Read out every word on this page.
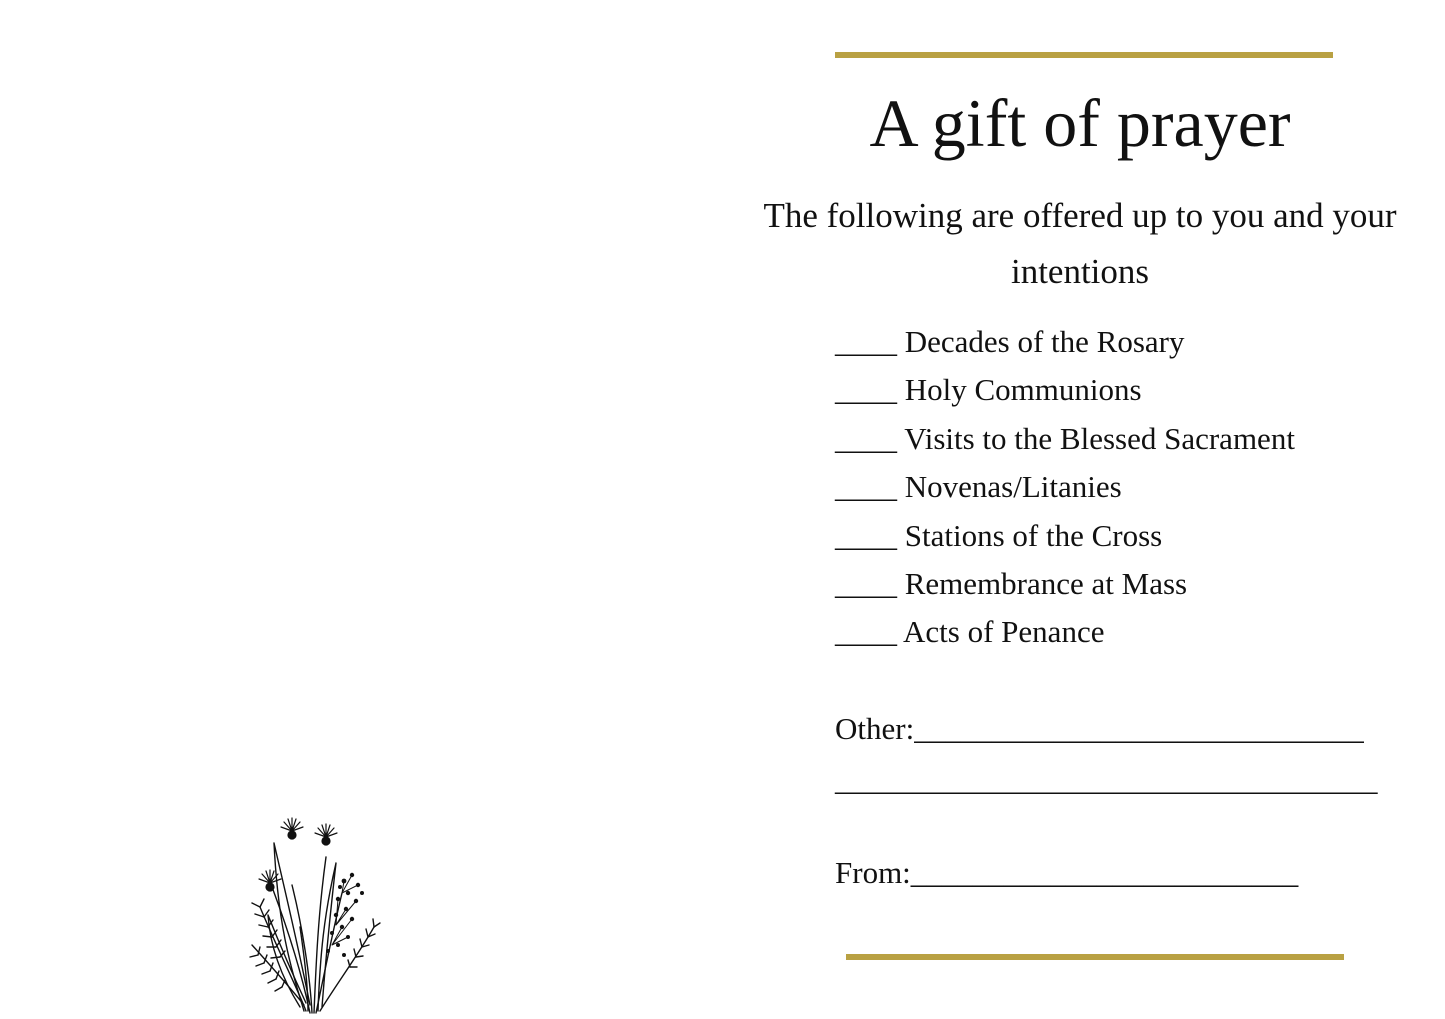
A gift of prayer

The following are offered up to you and your intentions

____ Decades of the Rosary
____ Holy Communions
____ Visits to the Blessed Sacrament
____ Novenas/Litanies
____ Stations of the Cross
____ Remembrance at Mass
____ Acts of Penance
Other:_____________________________
___________________________________
From:_________________________
